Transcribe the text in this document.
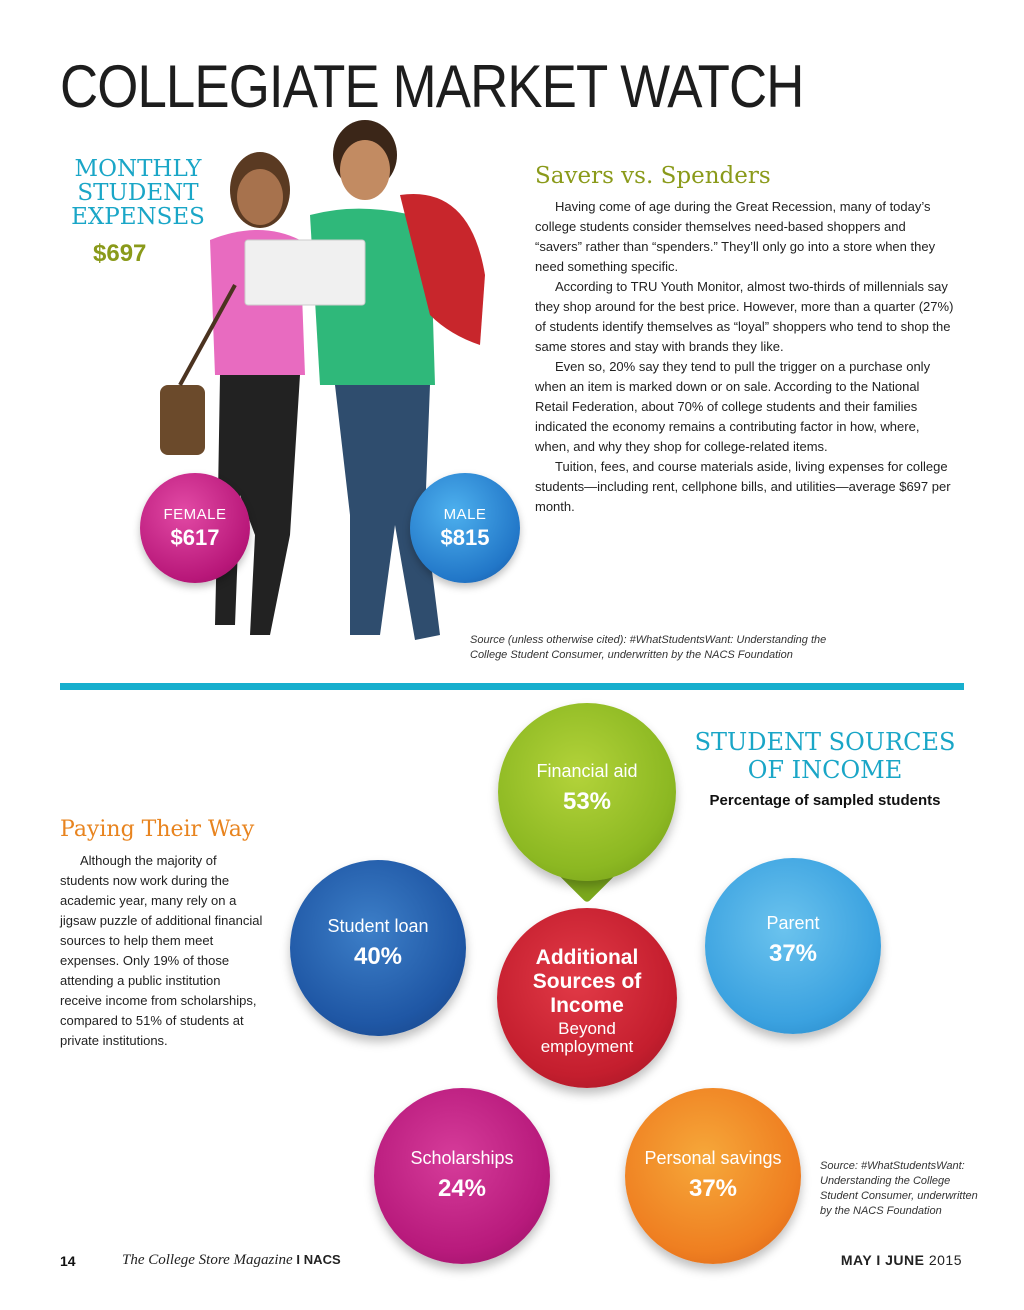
COLLEGIATE MARKET WATCH
MONTHLY
STUDENT
EXPENSES
$697
FEMALE
$617
MALE
$815
Savers vs. Spenders

Having come of age during the Great Recession, many of today’s college students consider themselves need-based shoppers and “savers” rather than “spenders.” They’ll only go into a store when they need something specific.

According to TRU Youth Monitor, almost two-thirds of millennials say they shop around for the best price. However, more than a quarter (27%) of students identify themselves as “loyal” shoppers who tend to shop the same stores and stay with brands they like.

Even so, 20% say they tend to pull the trigger on a purchase only when an item is marked down or on sale. According to the National Retail Federation, about 70% of college students and their families indicated the economy remains a contributing factor in how, where, when, and why they shop for college-related items.

Tuition, fees, and course materials aside, living expenses for college students—including rent, cellphone bills, and utilities—average $697 per month.

Source (unless otherwise cited): #WhatStudentsWant: Understanding the College Student Consumer, underwritten by the NACS Foundation
STUDENT SOURCES
OF INCOME
Percentage of sampled students
Paying Their Way

Although the majority of students now work during the academic year, many rely on a jigsaw puzzle of additional financial sources to help them meet expenses. Only 19% of those attending a public institution receive income from scholarships, compared to 51% of students at private institutions.

Financial aid
53%
Student loan
40%
Parent
37%
Scholarships
24%
Personal savings
37%
Additional
Sources of
Income
Beyond
employment
Source: #WhatStudentsWant: Understanding the College Student Consumer, underwritten by the NACS Foundation
14	The College Store Magazine I NACS	MAY I JUNE 2015
